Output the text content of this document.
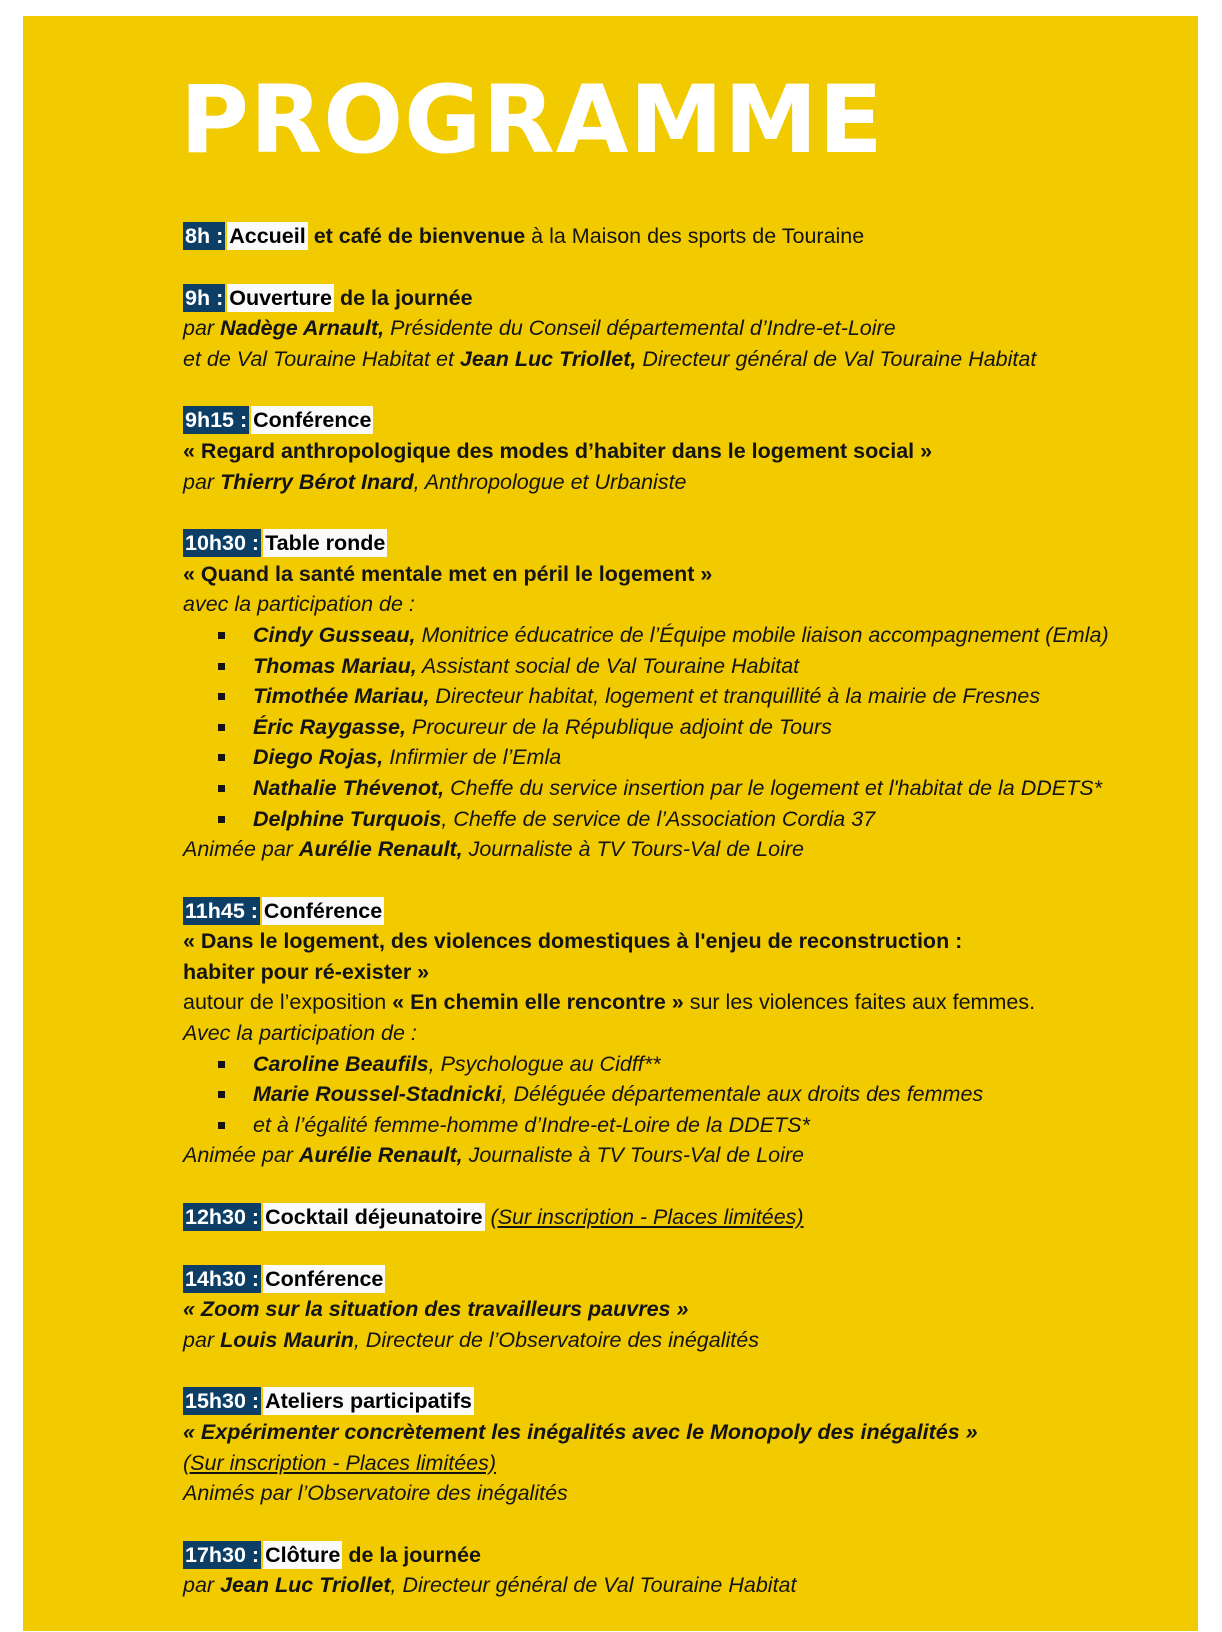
PROGRAMME
8h : Accueil et café de bienvenue à la Maison des sports de Touraine
9h : Ouverture de la journée
par Nadège Arnault, Présidente du Conseil départemental d’Indre-et-Loire
et de Val Touraine Habitat et Jean Luc Triollet, Directeur général de Val Touraine Habitat
9h15 : Conférence
« Regard anthropologique des modes d’habiter dans le logement social »
par Thierry Bérot Inard, Anthropologue et Urbaniste
10h30 : Table ronde
« Quand la santé mentale met en péril le logement »
avec la participation de :
Cindy Gusseau, Monitrice éducatrice de l’Équipe mobile liaison accompagnement (Emla)
Thomas Mariau, Assistant social de Val Touraine Habitat
Timothée Mariau, Directeur habitat, logement et tranquillité à la mairie de Fresnes
Éric Raygasse, Procureur de la République adjoint de Tours
Diego Rojas, Infirmier de l’Emla
Nathalie Thévenot, Cheffe du service insertion par le logement et l'habitat de la DDETS*
Delphine Turquois, Cheffe de service de l’Association Cordia 37
Animée par Aurélie Renault, Journaliste à TV Tours-Val de Loire
11h45 : Conférence
« Dans le logement, des violences domestiques à l'enjeu de reconstruction :
habiter pour ré-exister »
autour de l’exposition « En chemin elle rencontre » sur les violences faites aux femmes.
Avec la participation de :
Caroline Beaufils, Psychologue au Cidff**
Marie Roussel-Stadnicki, Déléguée départementale aux droits des femmes
et à l’égalité femme-homme d’Indre-et-Loire de la DDETS*
Animée par Aurélie Renault, Journaliste à TV Tours-Val de Loire
12h30 : Cocktail déjeunatoire (Sur inscription - Places limitées)
14h30 : Conférence
« Zoom sur la situation des travailleurs pauvres »
par Louis Maurin, Directeur de l’Observatoire des inégalités
15h30 : Ateliers participatifs
« Expérimenter concrètement les inégalités avec le Monopoly des inégalités »
(Sur inscription - Places limitées)
Animés par l’Observatoire des inégalités
17h30 : Clôture de la journée
par Jean Luc Triollet, Directeur général de Val Touraine Habitat
